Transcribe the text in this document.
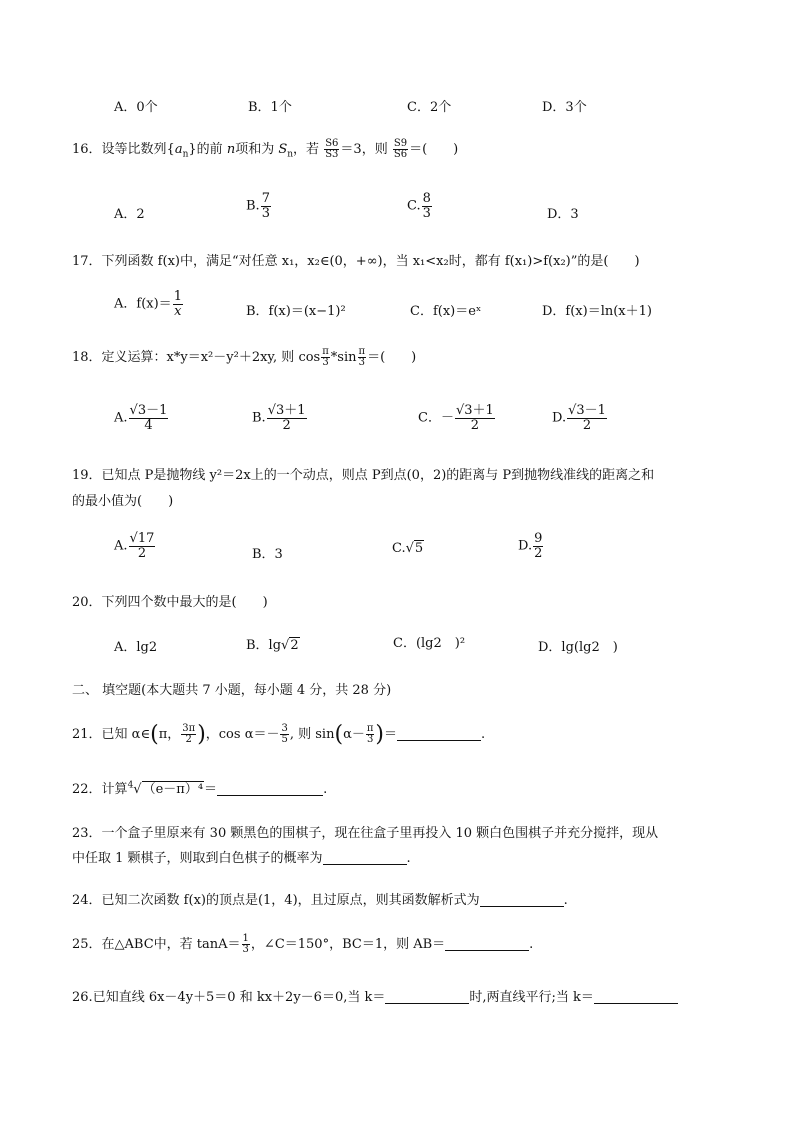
A．0个	B．1个	C．2个	D．3个
16．设等比数列$\{a_n\}$的前 n项和为 $S_n$，若 $\frac{S6}{S3} =3$，则 $\frac{S9}{S6}$ ＝(　　)
A．2
B. $\frac{7}{3}$	C. $\frac{8}{3}$	D．3
17．下列函数 f(x)中，满足“对任意 x₁，x₂∈(0，+∞)，当 x₁<x₂时，都有 f(x₁)>f(x₂)”的是(　　)
A．$f(x)= \frac{1}{x}$	B．f(x)＝(x−1)²	C．f(x)＝eˣ	D．f(x)＝ln(x＋1)
18．定义运算：x*y＝x²－y²＋2xy, 则 $\cos \frac{\pi}{3} *\sin \frac{\pi}{3}$ ＝(　　)
A. $\frac{√3-1}{4}$	B. $\frac{√3+1}{2}$	C．－ $\frac{√3+1}{2}$	D. $\frac{√3-1}{2}$
19．已知点 P是抛物线 y²＝2x上的一个动点，则点 P到点(0，2)的距离与 P到抛物线准线的距离之和
的最小值为(　　)
A. $\frac{√17}{2}$	B．3	C.√5	D. $\frac{9}{2}$
20．下列四个数中最大的是(　　)
A．lg2	B．lg√2	C．(lg2　)²	D．lg(lg2　)
二、 填空题(本大题共 7 小题，每小题 4 分，共 28 分)
21．已知 α∈(π， $\frac{3\pi}{2}$ )，$\cos \alpha=- \frac{3}{5}$ , 则 $\sin(\alpha- \frac{\pi}{3}$ )＝	.
22．计算$^4$√（e－π）⁴＝	.
23．一个盒子里原来有 30 颗黑色的围棋子，现在往盒子里再投入 10 颗白色围棋子并充分搅拌，现从
中任取 1 颗棋子，则取到白色棋子的概率为	.
24．已知二次函数 f(x)的顶点是(1，4)，且过原点，则其函数解析式为	.
25．在△ABC中，若 $\tan A= \frac{1}{3}$ ，∠C＝150°，BC＝1，则 AB＝	.
26.已知直线 6x－4y＋5＝0 和 kx＋2y－6＝0,当 k＝	时,两直线平行;当 k＝
